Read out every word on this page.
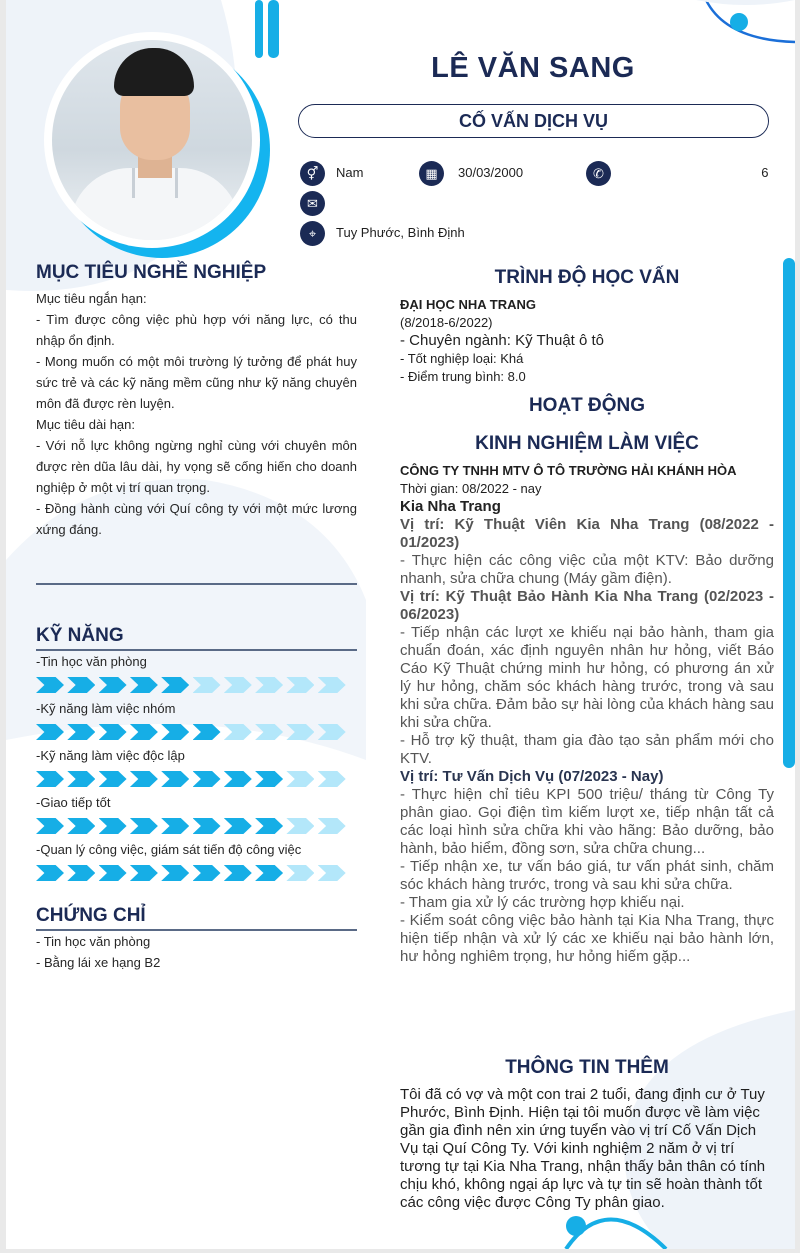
LÊ VĂN SANG
CỐ VẤN DỊCH VỤ
⚥	Nam	▦	30/03/2000	✆	6
✉
⌖	Tuy Phước, Bình Định
MỤC TIÊU NGHỀ NGHIỆP

Mục tiêu ngắn hạn:

- Tìm được công việc phù hợp với năng lực, có thu nhập ổn định.

- Mong muốn có một môi trường lý tưởng để phát huy sức trẻ và các kỹ năng mềm cũng như kỹ năng chuyên môn đã được rèn luyện.

Mục tiêu dài hạn:

- Với nỗ lực không ngừng nghỉ cùng với chuyên môn được rèn dũa lâu dài, hy vọng sẽ cống hiến cho doanh nghiệp ở một vị trí quan trọng.

- Đồng hành cùng với Quí công ty với một mức lương xứng đáng.

KỸ NĂNG
-Tin học văn phòng
-Kỹ năng làm việc nhóm
-Kỹ năng làm việc độc lập
-Giao tiếp tốt
-Quan lý công việc, giám sát tiến độ công việc
CHỨNG CHỈ

- Tin học văn phòng

- Bằng lái xe hạng B2

TRÌNH ĐỘ HỌC VẤN
ĐẠI HỌC NHA TRANG
(8/2018-6/2022)
- Chuyên ngành: Kỹ Thuật ô tô
- Tốt nghiệp loại: Khá
- Điểm trung bình: 8.0
HOẠT ĐỘNG
KINH NGHIỆM LÀM VIỆC
CÔNG TY TNHH MTV Ô TÔ TRƯỜNG HẢI KHÁNH HÒA
Thời gian: 08/2022 - nay
Kia Nha Trang
Vị trí: Kỹ Thuật Viên Kia Nha Trang (08/2022 - 01/2023)
- Thực hiện các công việc của một KTV: Bảo dưỡng nhanh, sửa chữa chung (Máy gầm điện).
Vị trí: Kỹ Thuật Bảo Hành Kia Nha Trang (02/2023 - 06/2023)
- Tiếp nhận các lượt xe khiếu nại bảo hành, tham gia chuẩn đoán, xác định nguyên nhân hư hỏng, viết Báo Cáo Kỹ Thuật chứng minh hư hỏng, có phương án xử lý hư hỏng, chăm sóc khách hàng trước, trong và sau khi sửa chữa. Đảm bảo sự hài lòng của khách hàng sau khi sửa chữa.
- Hỗ trợ kỹ thuật, tham gia đào tạo sản phẩm mới cho KTV.
Vị trí: Tư Vấn Dịch Vụ (07/2023 - Nay)
- Thực hiện chỉ tiêu KPI 500 triệu/ tháng từ Công Ty phân giao. Gọi điện tìm kiếm lượt xe, tiếp nhận tất cả các loại hình sửa chữa khi vào hãng: Bảo dưỡng, bảo hành, bảo hiểm, đồng sơn, sửa chữa chung...
- Tiếp nhận xe, tư vấn báo giá, tư vấn phát sinh, chăm sóc khách hàng trước, trong và sau khi sửa chữa.
- Tham gia xử lý các trường hợp khiếu nại.
- Kiểm soát công việc bảo hành tại Kia Nha Trang, thực hiện tiếp nhận và xử lý các xe khiếu nại bảo hành lớn, hư hỏng nghiêm trọng, hư hỏng hiếm gặp...
THÔNG TIN THÊM
Tôi đã có vợ và một con trai 2 tuổi, đang định cư ở Tuy Phước, Bình Định. Hiện tại tôi muốn được về làm việc gần gia đình nên xin ứng tuyển vào vị trí Cố Vấn Dịch Vụ tại Quí Công Ty. Với kinh nghiệm 2 năm ở vị trí tương tự tại Kia Nha Trang, nhận thấy bản thân có tính chịu khó, không ngại áp lực và tự tin sẽ hoàn thành tốt các công việc được Công Ty phân giao.
